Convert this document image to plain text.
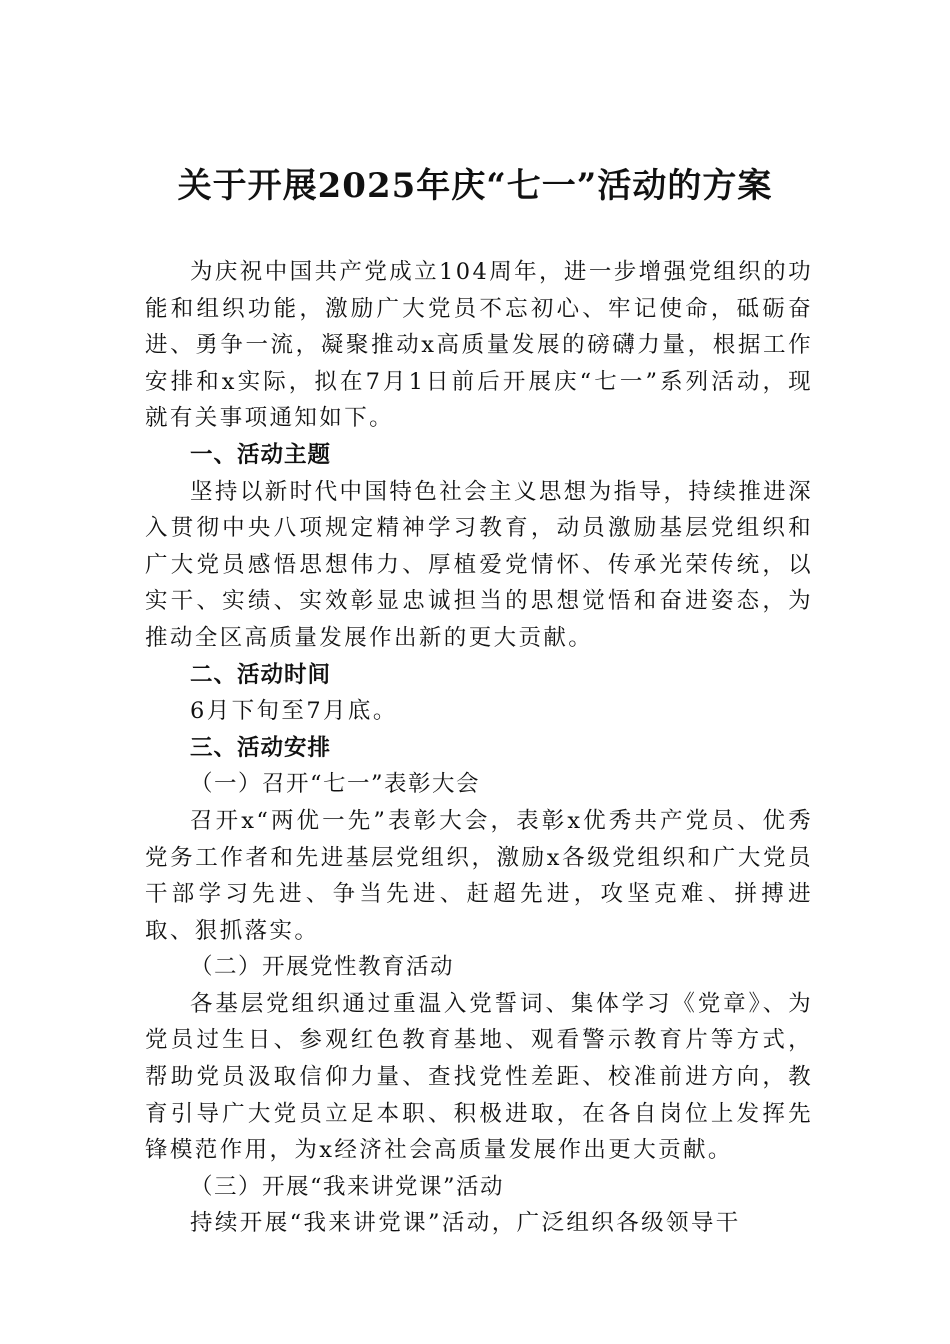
关于开展2025年庆“七一”活动的方案

为庆祝中国共产党成立104周年，进一步增强党组织的功能和组织功能，激励广大党员不忘初心、牢记使命，砥砺奋进、勇争一流，凝聚推动x高质量发展的磅礴力量，根据工作安排和x实际，拟在7月1日前后开展庆“七一”系列活动，现就有关事项通知如下。

一、活动主题

坚持以新时代中国特色社会主义思想为指导，持续推进深入贯彻中央八项规定精神学习教育，动员激励基层党组织和广大党员感悟思想伟力、厚植爱党情怀、传承光荣传统，以实干、实绩、实效彰显忠诚担当的思想觉悟和奋进姿态，为推动全区高质量发展作出新的更大贡献。

二、活动时间

6月下旬至7月底。

三、活动安排

（一）召开“七一”表彰大会

召开x“两优一先”表彰大会，表彰x优秀共产党员、优秀党务工作者和先进基层党组织，激励x各级党组织和广大党员干部学习先进、争当先进、赶超先进，攻坚克难、拼搏进取、狠抓落实。

（二）开展党性教育活动

各基层党组织通过重温入党誓词、集体学习《党章》、为党员过生日、参观红色教育基地、观看警示教育片等方式，帮助党员汲取信仰力量、查找党性差距、校准前进方向，教育引导广大党员立足本职、积极进取，在各自岗位上发挥先锋模范作用，为x经济社会高质量发展作出更大贡献。

（三）开展“我来讲党课”活动

持续开展“我来讲党课”活动，广泛组织各级领导干
